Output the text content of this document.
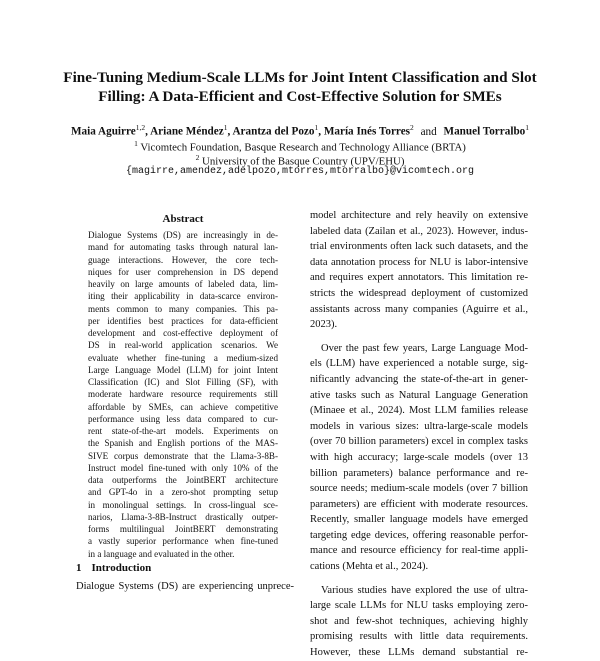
Fine-Tuning Medium-Scale LLMs for Joint Intent Classification and Slot
Filling: A Data-Efficient and Cost-Effective Solution for SMEs
Maia Aguirre$^{1,2}$, Ariane Méndez$^1$, Arantza del Pozo$^1$, María Inés Torres$^2$ and Manuel Torralbo$^1$
$^1$ Vicomtech Foundation, Basque Research and Technology Alliance (BRTA)
$^2$ University of the Basque Country (UPV/EHU)
{magirre,amendez,adelpozo,mtorres,mtorralbo}@vicomtech.org
Abstract
Dialogue Systems (DS) are increasingly in de-
mand for automating tasks through natural lan-
guage interactions. However, the core tech-
niques for user comprehension in DS depend
heavily on large amounts of labeled data, lim-
iting their applicability in data-scarce environ-
ments common to many companies. This pa-
per identifies best practices for data-efficient
development and cost-effective deployment of
DS in real-world application scenarios. We
evaluate whether fine-tuning a medium-sized
Large Language Model (LLM) for joint Intent
Classification (IC) and Slot Filling (SF), with
moderate hardware resource requirements still
affordable by SMEs, can achieve competitive
performance using less data compared to cur-
rent state-of-the-art models. Experiments on
the Spanish and English portions of the MAS-
SIVE corpus demonstrate that the Llama-3-8B-
Instruct model fine-tuned with only 10% of the
data outperforms the JointBERT architecture
and GPT-4o in a zero-shot prompting setup
in monolingual settings. In cross-lingual sce-
narios, Llama-3-8B-Instruct drastically outper-
forms multilingual JointBERT demonstrating
a vastly superior performance when fine-tuned
in a language and evaluated in the other.
1 Introduction
Dialogue Systems (DS) are experiencing unprece-
model architecture and rely heavily on extensive
labeled data (Zailan et al., 2023). However, indus-
trial environments often lack such datasets, and the
data annotation process for NLU is labor-intensive
and requires expert annotators. This limitation re-
stricts the widespread deployment of customized
assistants across many companies (Aguirre et al.,
2023).
Over the past few years, Large Language Mod-
els (LLM) have experienced a notable surge, sig-
nificantly advancing the state-of-the-art in gener-
ative tasks such as Natural Language Generation
(Minaee et al., 2024). Most LLM families release
models in various sizes: ultra-large-scale models
(over 70 billion parameters) excel in complex tasks
with high accuracy; large-scale models (over 13
billion parameters) balance performance and re-
source needs; medium-scale models (over 7 billion
parameters) are efficient with moderate resources.
Recently, smaller language models have emerged
targeting edge devices, offering reasonable perfor-
mance and resource efficiency for real-time appli-
cations (Mehta et al., 2024).
Various studies have explored the use of ultra-
large scale LLMs for NLU tasks employing zero-
shot and few-shot techniques, achieving highly
promising results with little data requirements.
However, these LLMs demand substantial re-
